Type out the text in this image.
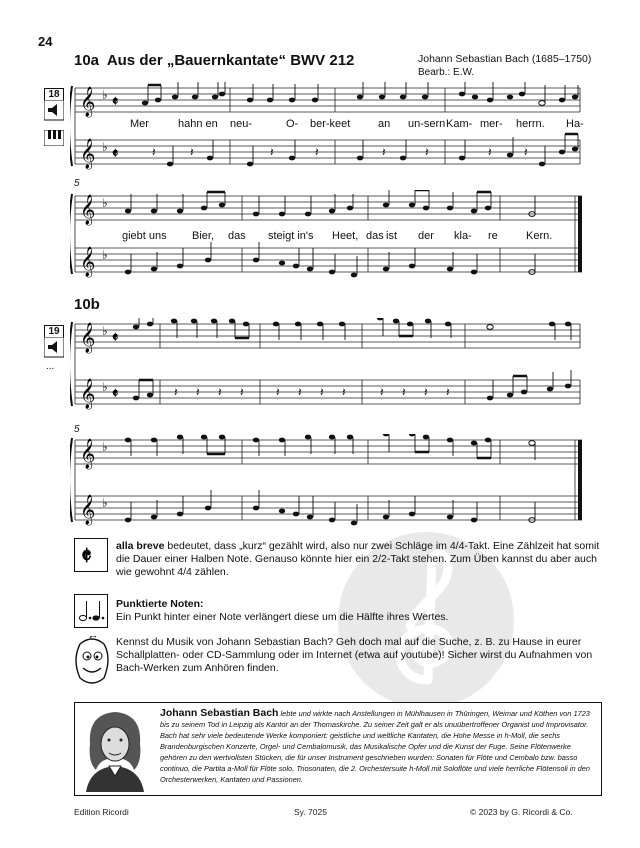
24
10a Aus der „Bauernkantate“ BWV 212	Johann Sebastian Bach (1685–1750)
Bearb.: E.W.
18 𝄞
𝄞
♭
♭
𝄵
𝄵	𝄽	𝄽	𝄽	𝄽	𝄽	𝄽	𝄽	𝄽
Mer	hahn en neu-	O- ber-keet	an un-sern Kam- mer- herrn. Ha-
5
𝄞
𝄞
♭
♭
giebt uns Bier, das steigt in's Heet, das ist der kla- re	Kern.
10b
19
...
𝄞
𝄞
♭
♭
𝄵
𝄵	𝄽 𝄽 𝄽 𝄽	𝄽 𝄽 𝄽 𝄽	𝄽 𝄽 𝄽 𝄽
5
𝄞
𝄞
♭
♭
𝄵 alla breve bedeutet, dass „kurz“ gezählt wird, also nur zwei Schläge im 4/4-Takt. Eine Zählzeit hat somit die Dauer einer Halben Note. Genauso könnte hier ein 2/2-Takt stehen. Zum Üben kannst du aber auch wie gewohnt 4/4 zählen.
Punktierte Noten:
Ein Punkt hinter einer Note verlängert diese um die Hälfte ihres Wertes.
Kennst du Musik von Johann Sebastian Bach? Geh doch mal auf die Suche, z. B. zu Hause in eurer Schallplatten- oder CD-Sammlung oder im Internet (etwa auf youtube)! Sicher wirst du Aufnahmen von Bach-Werken zum Anhören finden.
Johann Sebastian Bach lebte und wirkte nach Anstellungen in Mühlhausen in Thüringen, Weimar und Köthen von 1723 bis zu seinem Tod in Leipzig als Kantor an der Thomaskirche. Zu seiner Zeit galt er als unuübertroffener Organist und Improvisator. Bach hat sehr viele bedeutende Werke komponiert: geistliche und weltliche Kantaten, die Hohe Messe in h-Moll, die sechs Brandenburgischen Konzerte, Orgel- und Cembalomusik, das Musikalische Opfer und die Kunst der Fuge. Seine Flötenwerke gehören zu den wertvollsten Stücken, die für unser Instrument geschrieben wurden: Sonaten für Flöte und Cembalo bzw. basso continuo, die Partita a-Moll für Flöte solo, Triosonaten, die 2. Orchestersuite h-Moll mit Soloflöte und viele herrliche Flötensoli in den Orchesterwerken, Kantaten und Passionen.
Edition Ricordi	Sy. 7025	© 2023 by G. Ricordi & Co.
